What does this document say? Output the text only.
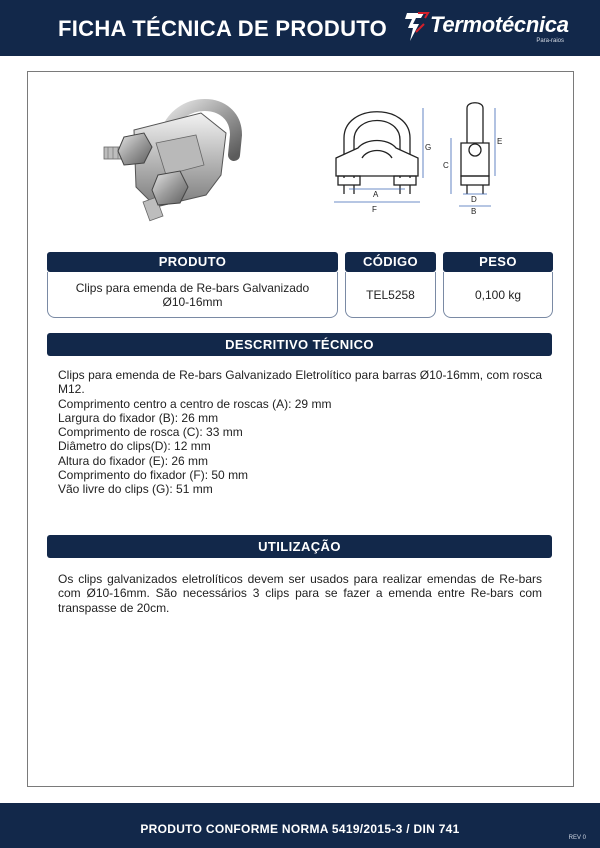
FICHA TÉCNICA DE PRODUTO Termotécnica
Para-raios
G
A
F
C
E
D
B
PRODUTO	CÓDIGO	PESO
Clips para emenda de Re-bars Galvanizado
Ø10-16mm	TEL5258	0,100 kg
DESCRITIVO TÉCNICO

Clips para emenda de Re-bars Galvanizado Eletrolítico para barras Ø10-16mm, com rosca M12.

Comprimento centro a centro de roscas (A): 29 mm
Largura do fixador (B): 26 mm
Comprimento de rosca (C): 33 mm
Diâmetro do clips(D): 12 mm
Altura do fixador (E): 26 mm
Comprimento do fixador (F): 50 mm
Vão livre do clips (G): 51 mm
UTILIZAÇÃO
Os clips galvanizados eletrolíticos devem ser usados para realizar emendas de Re-bars com Ø10-16mm. São necessários 3 clips para se fazer a emenda entre Re-bars com transpasse de 20cm.
PRODUTO CONFORME NORMA 5419/2015-3 / DIN 741
REV 0
